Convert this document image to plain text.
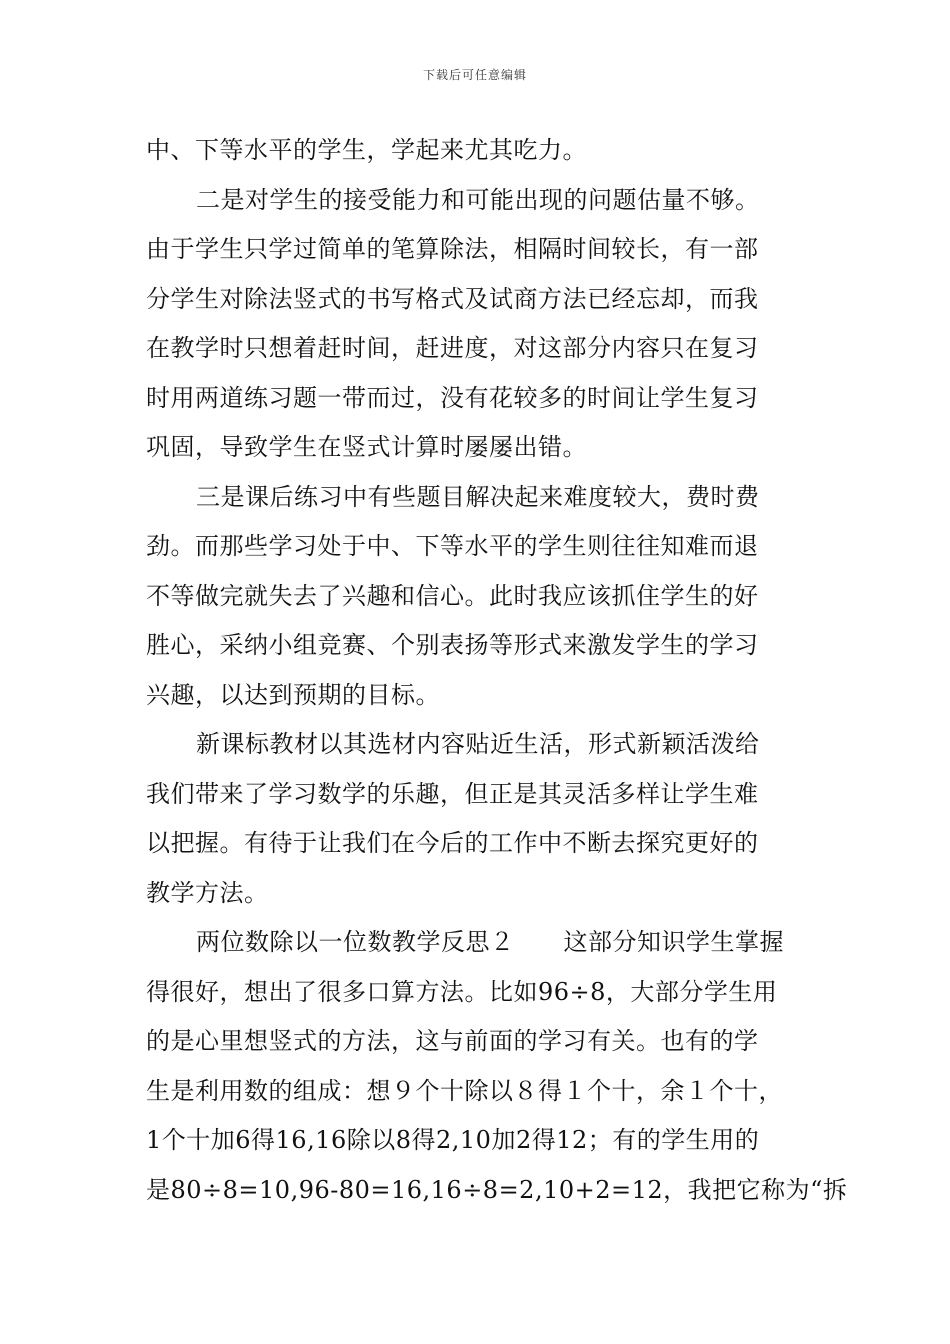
下载后可任意编辑
中、下等水平的学生，学起来尤其吃力。
二是对学生的接受能力和可能出现的问题估量不够。
由于学生只学过简单的笔算除法，相隔时间较长，有一部
分学生对除法竖式的书写格式及试商方法已经忘却，而我
在教学时只想着赶时间，赶进度，对这部分内容只在复习
时用两道练习题一带而过，没有花较多的时间让学生复习
巩固，导致学生在竖式计算时屡屡出错。
三是课后练习中有些题目解决起来难度较大，费时费
劲。而那些学习处于中、下等水平的学生则往往知难而退
不等做完就失去了兴趣和信心。此时我应该抓住学生的好
胜心，采纳小组竞赛、个别表扬等形式来激发学生的学习
兴趣，以达到预期的目标。
新课标教材以其选材内容贴近生活，形式新颖活泼给
我们带来了学习数学的乐趣，但正是其灵活多样让学生难
以把握。有待于让我们在今后的工作中不断去探究更好的
教学方法。
两位数除以一位数教学反思２　　这部分知识学生掌握
得很好，想出了很多口算方法。比如96÷8，大部分学生用
的是心里想竖式的方法，这与前面的学习有关。也有的学
生是利用数的组成：想９个十除以８得１个十，余１个十，
1个十加6得16,16除以8得2,10加2得12；有的学生用的
是80÷8=10,96-80=16,16÷8=2,10+2=12，我把它称为“拆
